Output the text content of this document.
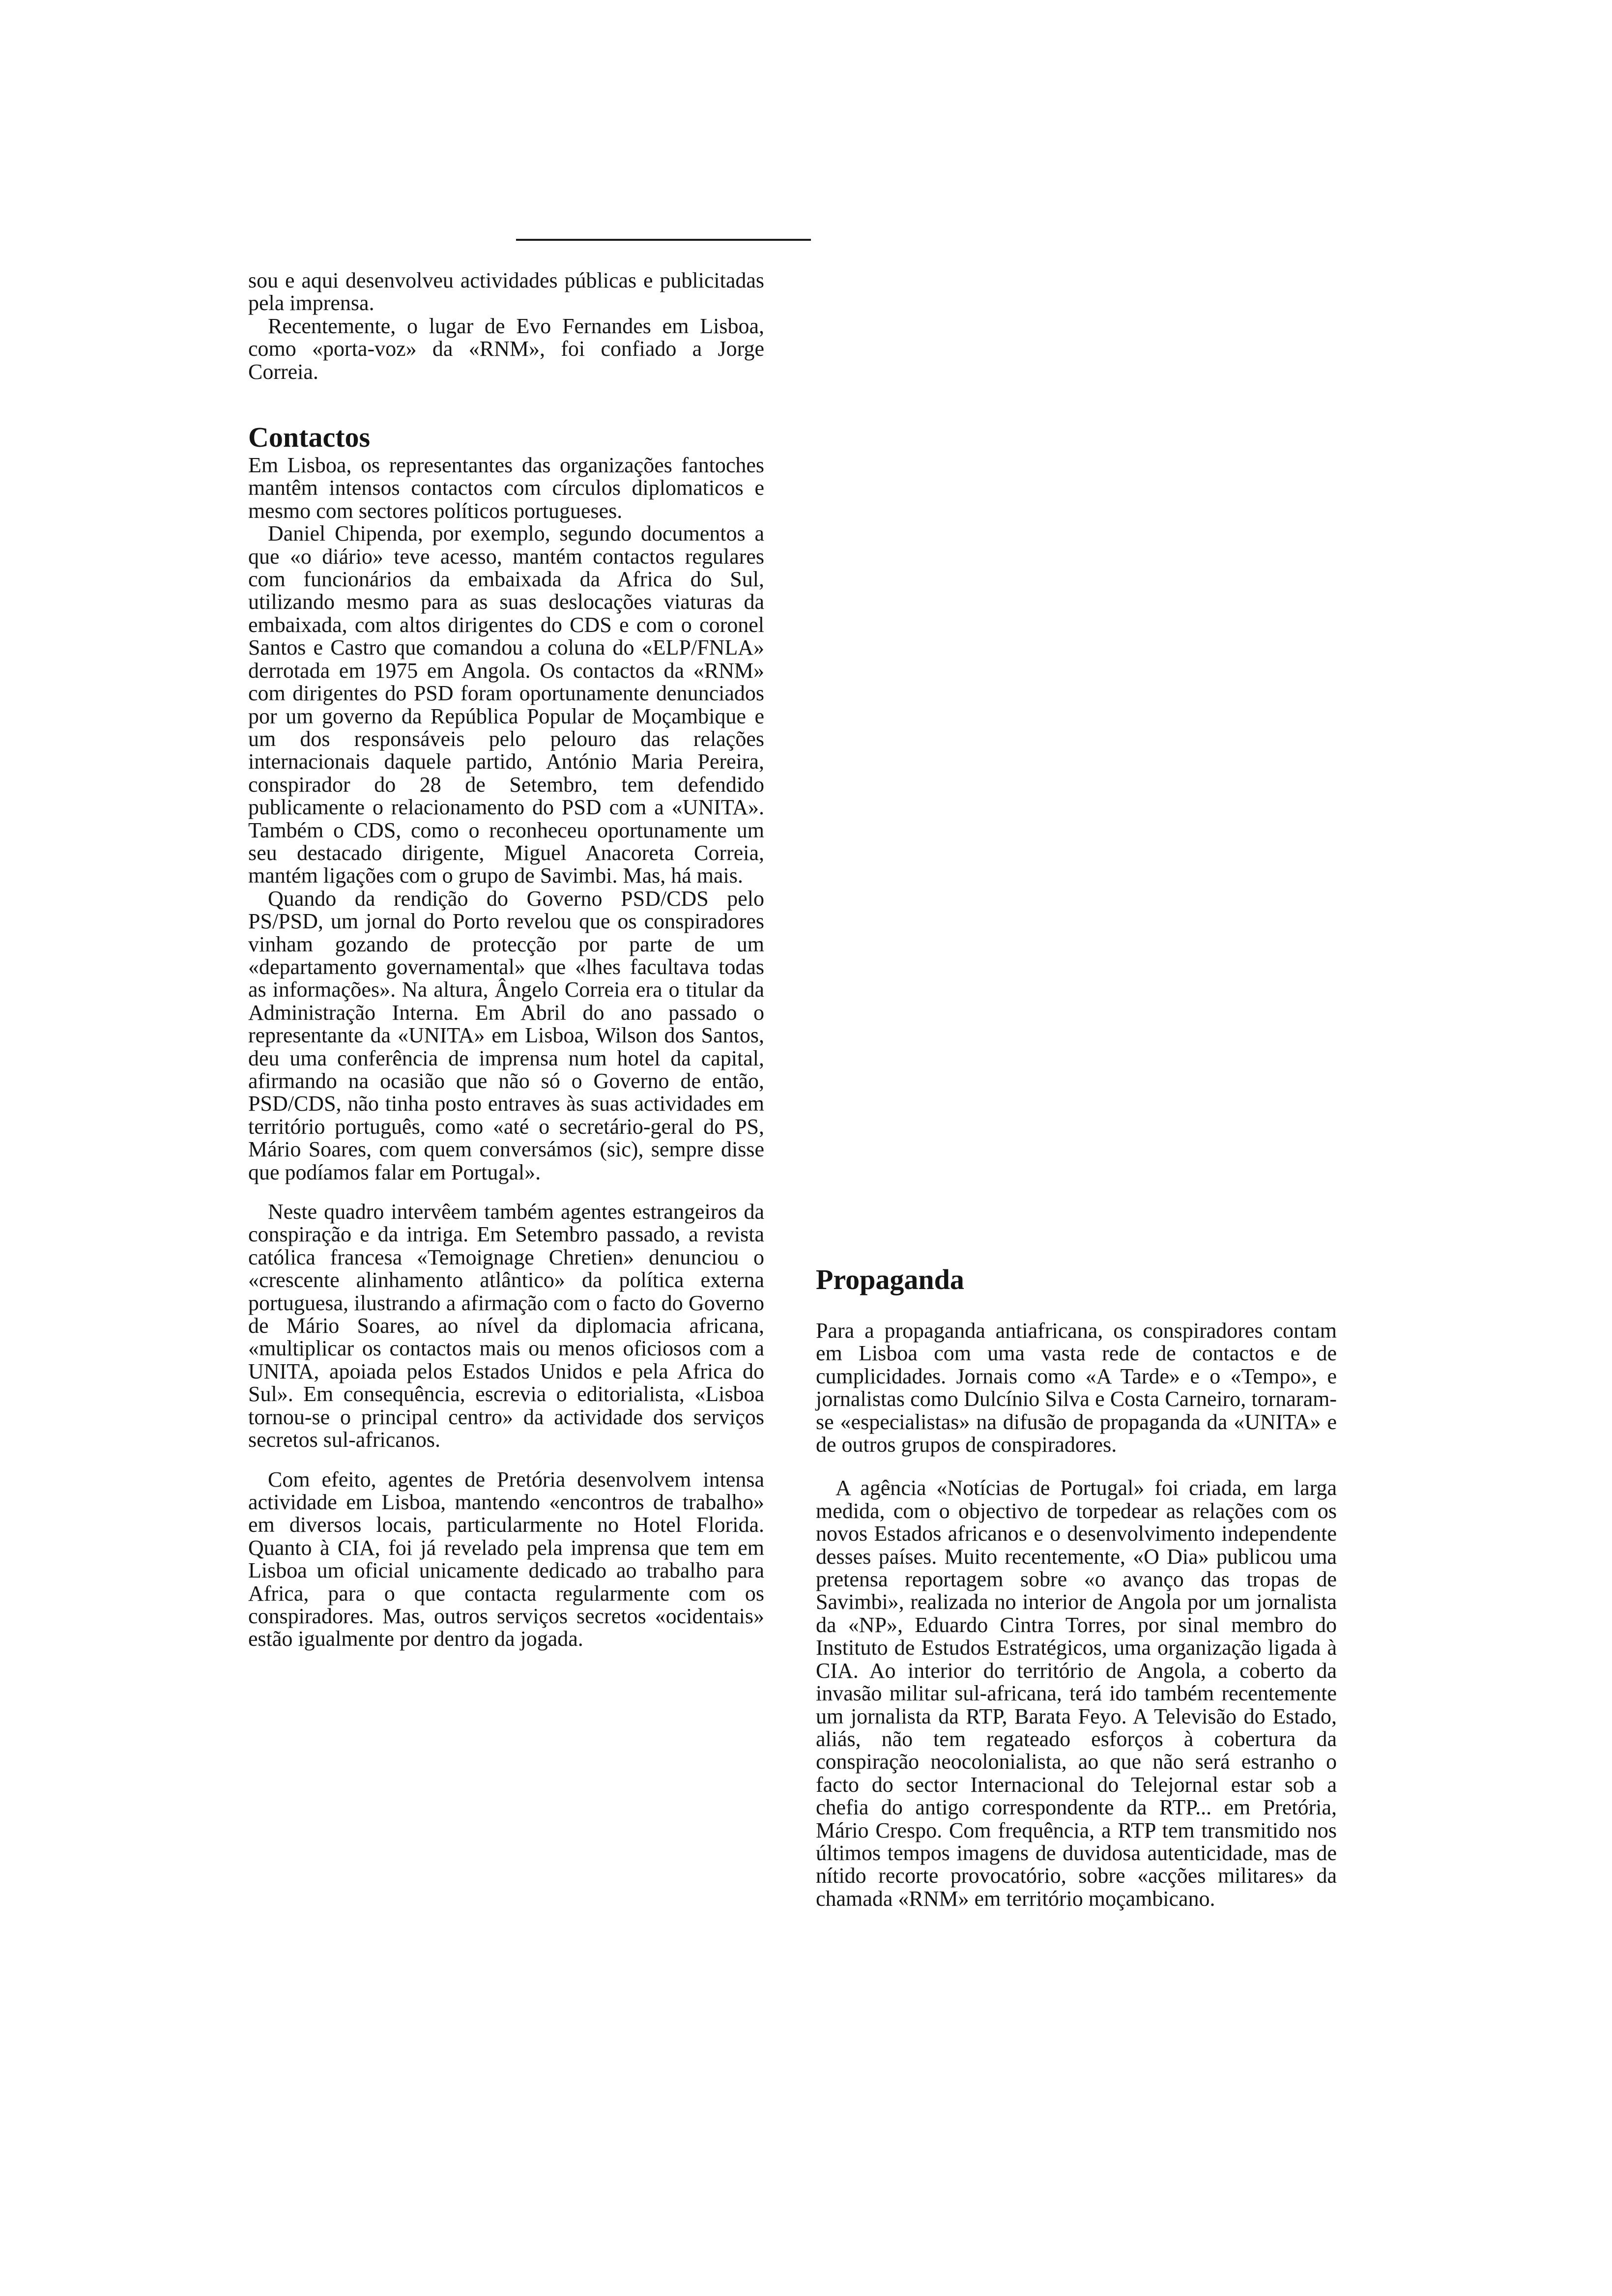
sou e aqui desenvolveu actividades públicas e publicitadas pela imprensa.

Recentemente, o lugar de Evo Fernandes em Lisboa, como «porta-voz» da «RNM», foi confiado a Jorge Correia.

Contactos

Em Lisboa, os representantes das organizações fantoches mantêm intensos contactos com círculos diplomaticos e mesmo com sectores políticos portugueses.

Daniel Chipenda, por exemplo, segundo documentos a que «o diário» teve acesso, mantém contactos regulares com funcionários da embaixada da Africa do Sul, utilizando mesmo para as suas deslocações viaturas da embaixada, com altos dirigentes do CDS e com o coronel Santos e Castro que comandou a coluna do «ELP/FNLA» derrotada em 1975 em Angola. Os contactos da «RNM» com dirigentes do PSD foram oportunamente denunciados por um governo da República Popular de Moçambique e um dos responsáveis pelo pelouro das relações internacionais daquele partido, António Maria Pereira, conspirador do 28 de Setembro, tem defendido publicamente o relacionamento do PSD com a «UNITA». Também o CDS, como o reconheceu oportunamente um seu destacado dirigente, Miguel Anacoreta Correia, mantém ligações com o grupo de Savimbi. Mas, há mais.

Quando da rendição do Governo PSD/CDS pelo PS/PSD, um jornal do Porto revelou que os conspiradores vinham gozando de protecção por parte de um «departamento governamental» que «lhes facultava todas as informações». Na altura, Ângelo Correia era o titular da Administração Interna. Em Abril do ano passado o representante da «UNITA» em Lisboa, Wilson dos Santos, deu uma conferência de imprensa num hotel da capital, afirmando na ocasião que não só o Governo de então, PSD/CDS, não tinha posto entraves às suas actividades em território português, como «até o secretário-geral do PS, Mário Soares, com quem conversámos (sic), sempre disse que podíamos falar em Portugal».

Neste quadro intervêem também agentes estrangeiros da conspiração e da intriga. Em Setembro passado, a revista católica francesa «Temoignage Chretien» denunciou o «crescente alinhamento atlântico» da política externa portuguesa, ilustrando a afirmação com o facto do Governo de Mário Soares, ao nível da diplomacia africana, «multiplicar os contactos mais ou menos oficiosos com a UNITA, apoiada pelos Estados Unidos e pela Africa do Sul». Em consequência, escrevia o editorialista, «Lisboa tornou-se o principal centro» da actividade dos serviços secretos sul-africanos.

Com efeito, agentes de Pretória desenvolvem intensa actividade em Lisboa, mantendo «encontros de trabalho» em diversos locais, particularmente no Hotel Florida. Quanto à CIA, foi já revelado pela imprensa que tem em Lisboa um oficial unicamente dedicado ao trabalho para Africa, para o que contacta regularmente com os conspiradores. Mas, outros serviços secretos «ocidentais» estão igualmente por dentro da jogada.

Propaganda

Para a propaganda antiafricana, os conspiradores contam em Lisboa com uma vasta rede de contactos e de cumplicidades. Jornais como «A Tarde» e o «Tempo», e jornalistas como Dulcínio Silva e Costa Carneiro, tornaram-se «especialistas» na difusão de propaganda da «UNITA» e de outros grupos de conspiradores.

A agência «Notícias de Portugal» foi criada, em larga medida, com o objectivo de torpedear as relações com os novos Estados africanos e o desenvolvimento independente desses países. Muito recentemente, «O Dia» publicou uma pretensa reportagem sobre «o avanço das tropas de Savimbi», realizada no interior de Angola por um jornalista da «NP», Eduardo Cintra Torres, por sinal membro do Instituto de Estudos Estratégicos, uma organização ligada à CIA. Ao interior do território de Angola, a coberto da invasão militar sul-africana, terá ido também recentemente um jornalista da RTP, Barata Feyo. A Televisão do Estado, aliás, não tem regateado esforços à cobertura da conspiração neocolonialista, ao que não será estranho o facto do sector Internacional do Telejornal estar sob a chefia do antigo correspondente da RTP... em Pretória, Mário Crespo. Com frequência, a RTP tem transmitido nos últimos tempos imagens de duvidosa autenticidade, mas de nítido recorte provocatório, sobre «acções militares» da chamada «RNM» em território moçambicano.
